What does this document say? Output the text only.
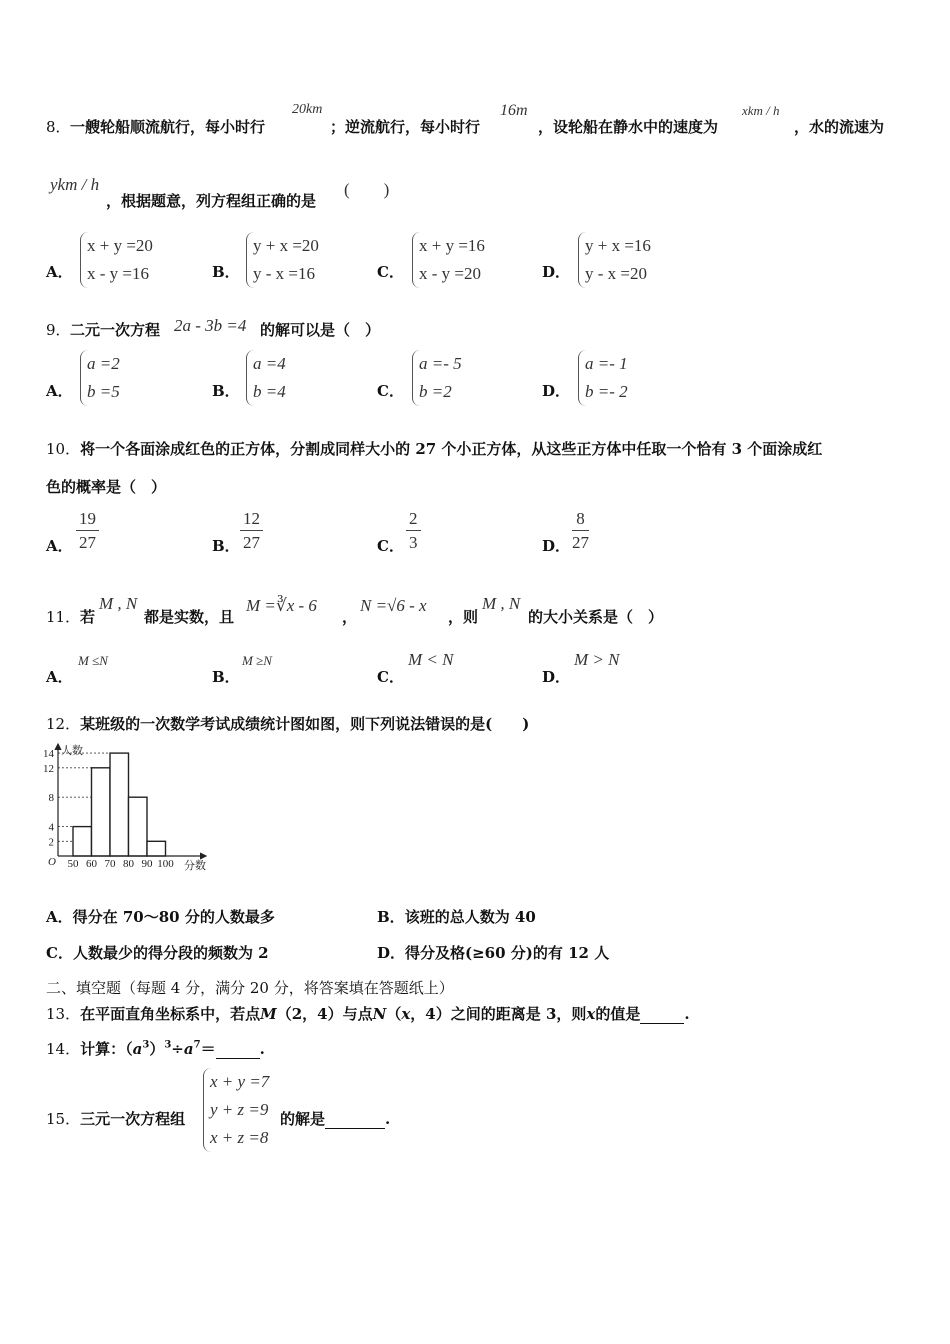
8． 一艘轮船顺流航行，每小时行
20km
；逆流航行，每小时行
16m
，设轮船在静水中的速度为
xkm / h
，水的流速为
ykm / h
，根据题意，列方程组正确的是
(　　)
A．
x + y =20
x - y =16	B．
y + x =20
y - x =16	C．
x + y =16
x - y =20	D．
y + x =16
y - x =20
9． 二元一次方程 2a - 3b =4 的解可以是（　）
A．
a =2
b =5	B．
a =4
b =4	C．
a =- 5
b =2	D．
a =- 1
b =- 2
10．将一个各面涂成红色的正方体，分割成同样大小的 27 个小正方体，从这些正方体中任取一个恰有 3 个面涂成红
色的概率是（　）
A． $\frac{19}{27}$	B． $\frac{12}{27}$	C． $\frac{2}{3}$	D． $\frac{8}{27}$
11． 若
M , N
都是实数，且
M =∛x - 6
，
N =√6 - x
，则
M , N
的大小关系是（　）
A．
M ≤N
B．
M ≥N
C．
M < N
D．
M > N
12．某班级的一次数学考试成绩统计图如图，则下列说法错误的是(　　)
人数
分数
O
2
4
8
12
14
50 60 70 80 90 100
A．得分在 70～80 分的人数最多	B．该班的总人数为 40
C．人数最少的得分段的频数为 2	D．得分及格(≥60 分)的有 12 人
二、填空题（每题 4 分，满分 20 分，将答案填在答题纸上）
13．在平面直角坐标系中，若点M（2，4）与点N（x，4）之间的距离是 3，则x的值是	.
14．计算：$(a^3)^3\div a^7=$	.
15．三元一次方程组
x + y =7
y + z =9
x + z =8
的解是	.
